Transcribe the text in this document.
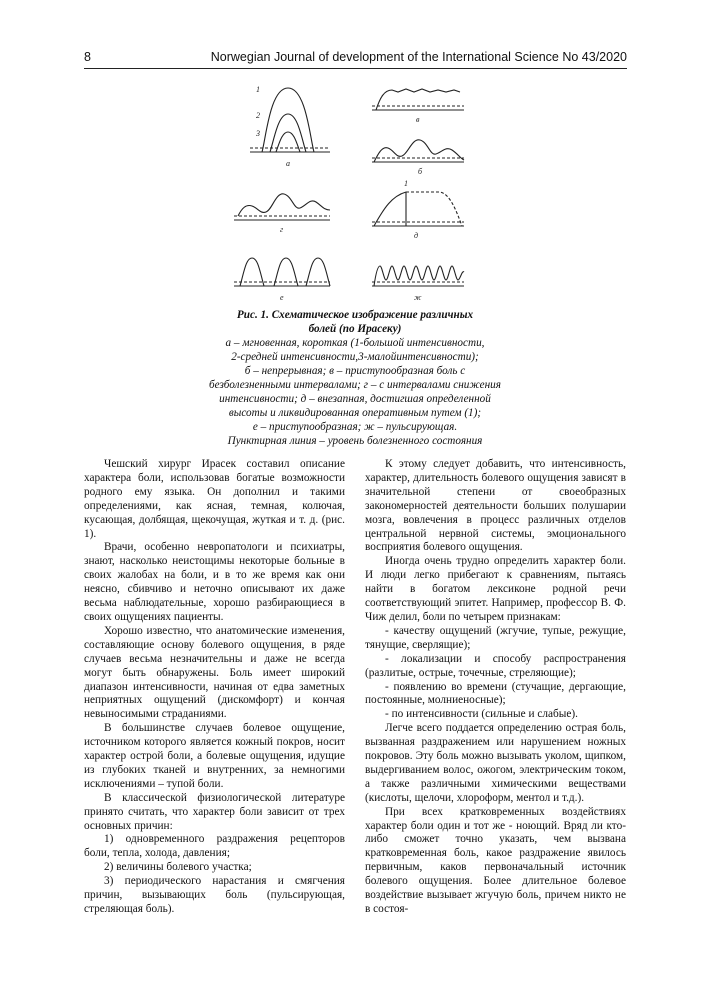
8	Norwegian Journal of development of the International Science No 43/2020
1
2
3
а
в
б
г
1
д
е	ж
Рис. 1. Схематическое изображение различных
болей (по Ирасеку)
а – мгновенная, короткая (1-большой интенсивности,
2-средней интенсивности,3-малойинтенсивности);
б – непрерывная; в – приступообразная боль с
безболезненными интервалами; г – с интервалами снижения
интенсивности; д – внезапная, достигшая определенной
высоты и ликвидированная оперативным путем (1);
е – приступообразная; ж – пульсирующая.
Пунктирная линия – уровень болезненного состояния

Чешский хирург Ирасек составил описание характера боли, использовав богатые возможности родного ему языка. Он дополнил и такими определениями, как ясная, темная, колючая, кусающая, долбящая, щекочущая, жуткая и т. д. (рис. 1).

Врачи, особенно невропатологи и психиатры, знают, насколько неистощимы некоторые больные в своих жалобах на боли, и в то же время как они неясно, сбивчиво и неточно описывают их даже весьма наблюдательные, хорошо разбирающиеся в своих ощущениях пациенты.

Хорошо известно, что анатомические изменения, составляющие основу болевого ощущения, в ряде случаев весьма незначительны и даже не всегда могут быть обнаружены. Боль имеет широкий диапазон интенсивности, начиная от едва заметных неприятных ощущений (дискомфорт) и кончая невыносимыми страданиями.

В большинстве случаев болевое ощущение, источником которого является кожный покров, носит характер острой боли, а болевые ощущения, идущие из глубоких тканей и внутренних, за немногими исключениями – тупой боли.

В классической физиологической литературе принято считать, что характер боли зависит от трех основных причин:

1) одновременного раздражения рецепторов боли, тепла, холода, давления;

2) величины болевого участка;

3) периодического нарастания и смягчения причин, вызывающих боль (пульсирующая, стреляющая боль).

К этому следует добавить, что интенсивность, характер, длительность болевого ощущения зависят в значительной степени от своеобразных закономерностей деятельности больших полушарии мозга, вовлечения в процесс различных отделов центральной нервной системы, эмоционального восприятия болевого ощущения.

Иногда очень трудно определить характер боли. И люди легко прибегают к сравнениям, пытаясь найти в богатом лексиконе родной речи соответствующий эпитет. Например, профессор В. Ф. Чиж делил, боли по четырем признакам:

- качеству ощущений (жгучие, тупые, режущие, тянущие, сверлящие);

- локализации и способу распространения (разлитые, острые, точечные, стреляющие);

- появлению во времени (стучащие, дергающие, постоянные, молниеносные);

- по интенсивности (сильные и слабые).

Легче всего поддается определению острая боль, вызванная раздражением или нарушением ножных покровов. Эту боль можно вызывать уколом, щипком, выдергиванием волос, ожогом, электрическим током, а также различными химическими веществами (кислоты, щелочи, хлороформ, ментол и т.д.).

При всех кратковременных воздействиях характер боли один и тот же - ноющий. Вряд ли кто-либо сможет точно указать, чем вызвана кратковременная боль, какое раздражение явилось первичным, каков первоначальный источник болевого ощущения. Более длительное болевое воздействие вызывает жгучую боль, причем никто не в состоя-
